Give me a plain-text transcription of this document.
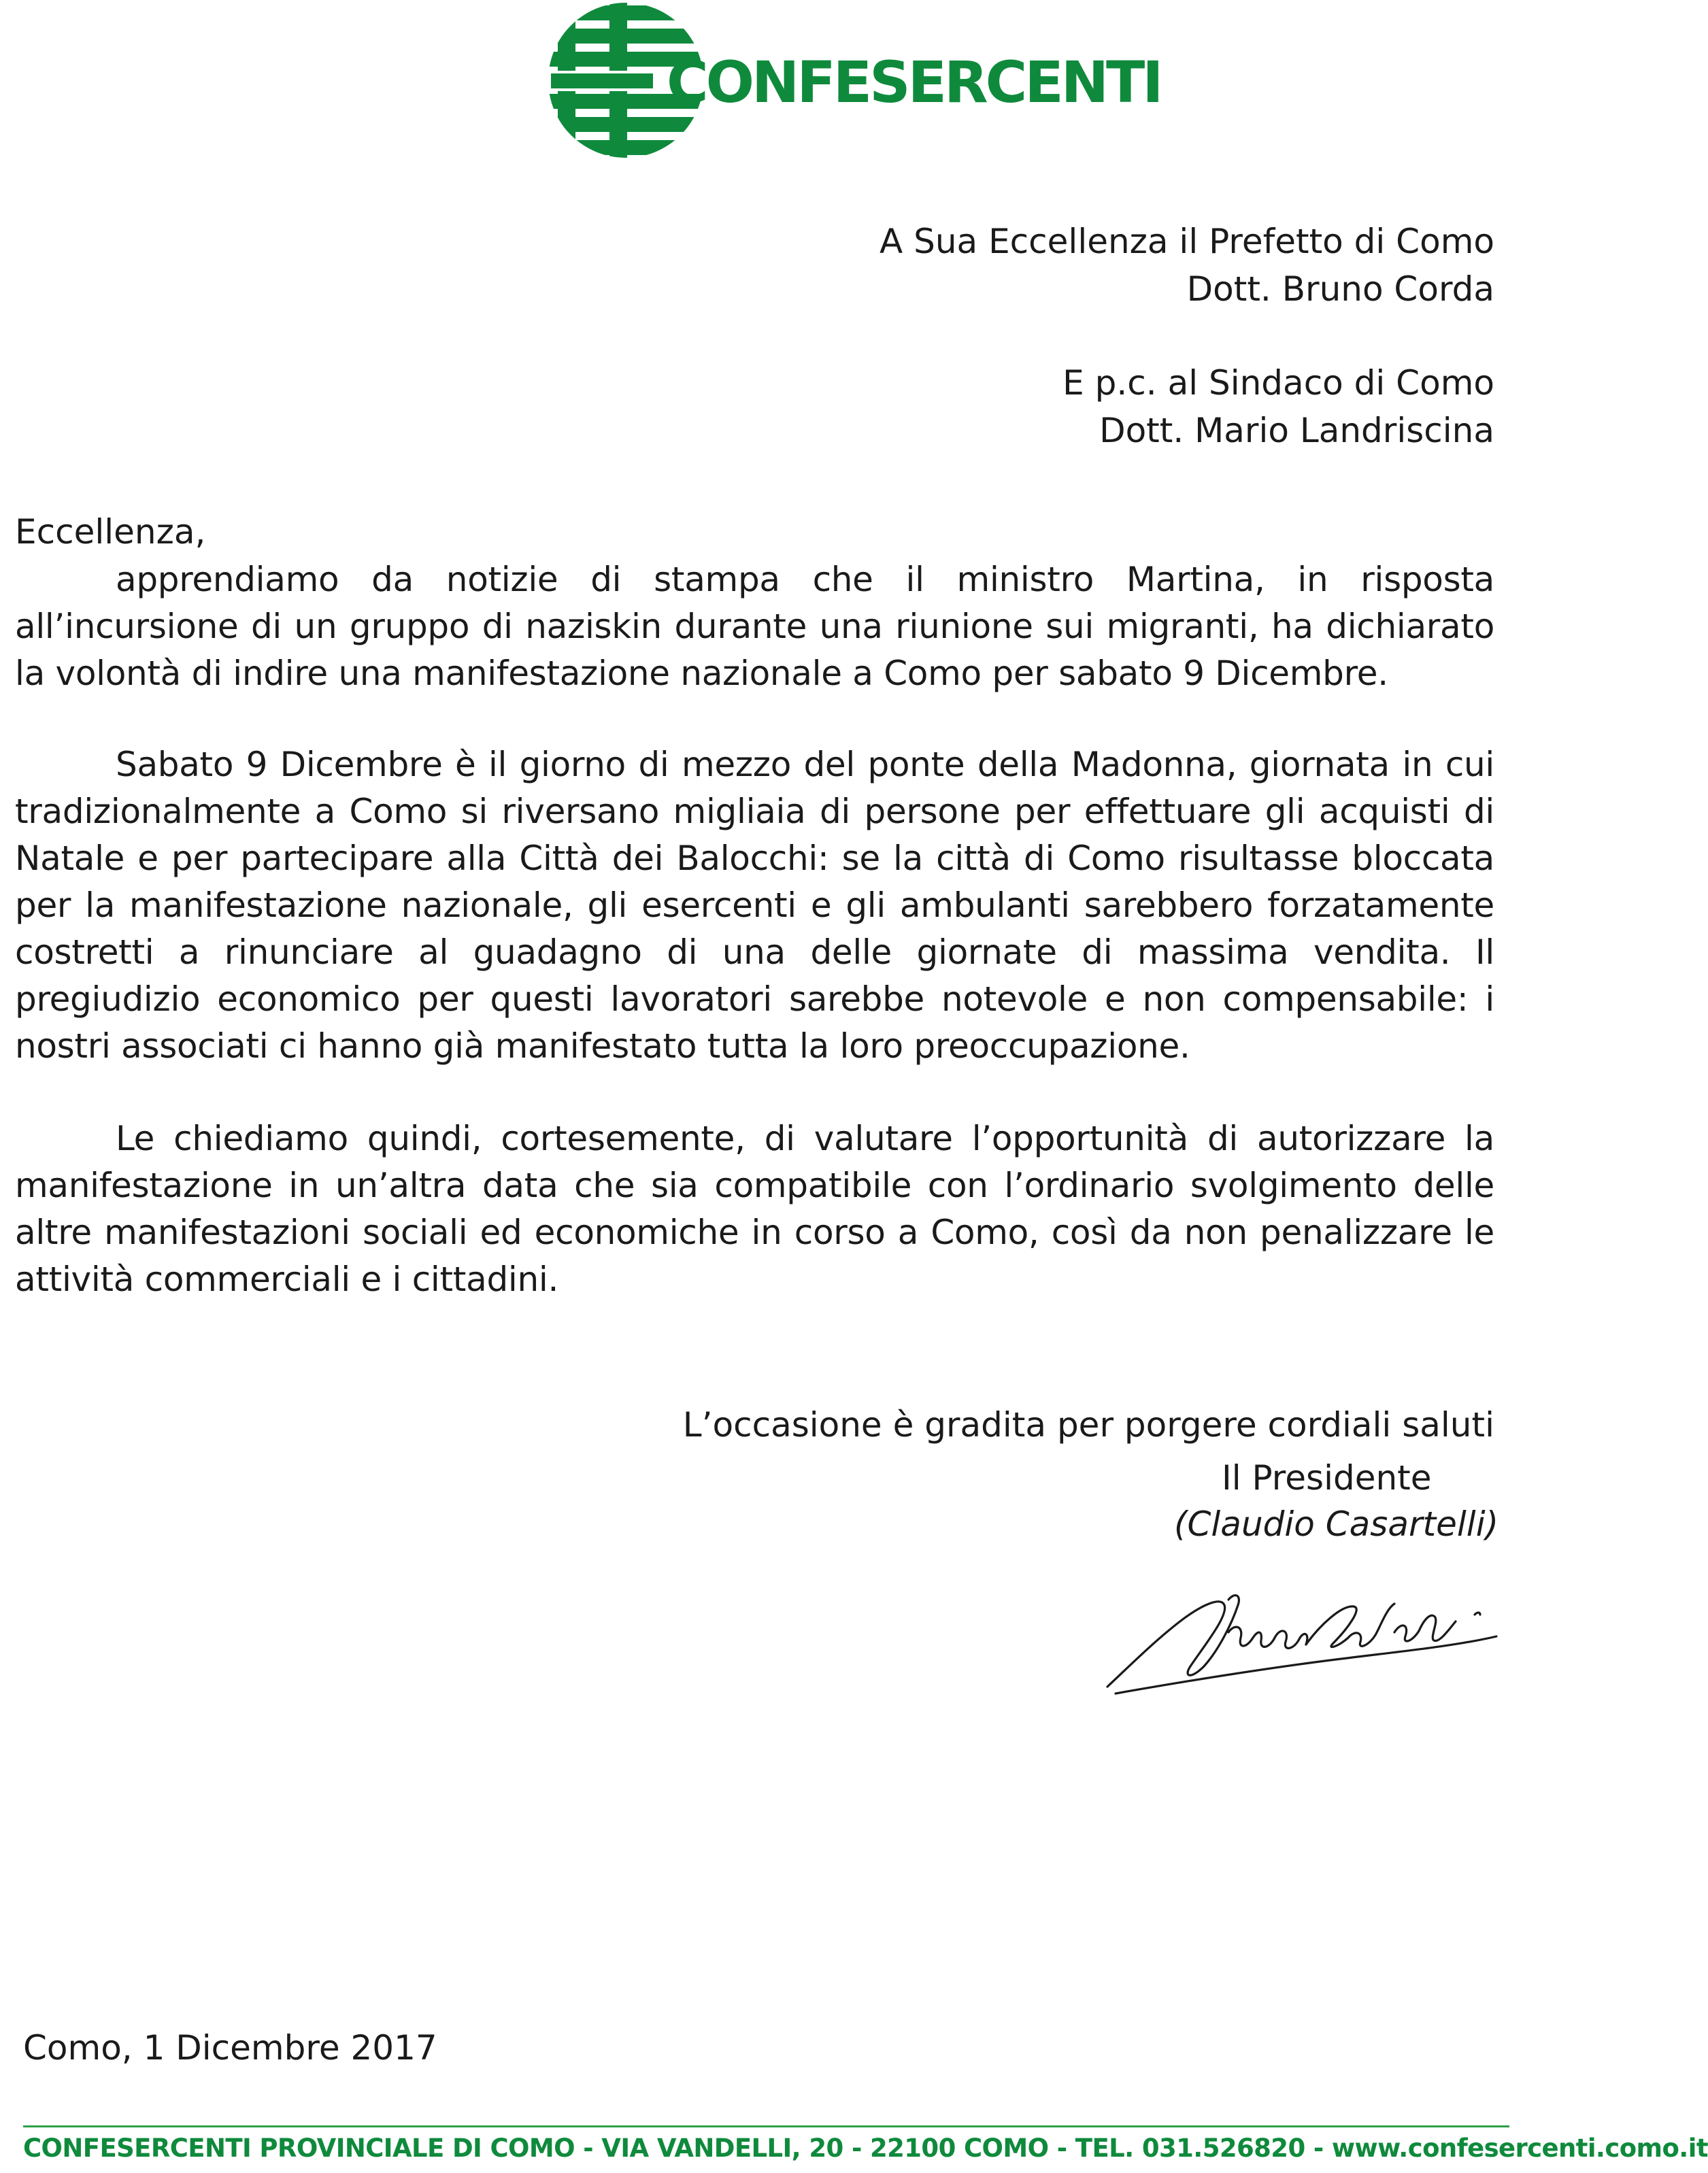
CONFESERCENTI
A Sua Eccellenza il Prefetto di Como
Dott. Bruno Corda
E p.c. al Sindaco di Como
Dott. Mario Landriscina
Eccellenza,

apprendiamo da notizie di stampa che il ministro Martina, in risposta all’incursione di un gruppo di naziskin durante una riunione sui migranti, ha dichiarato la volontà di indire una manifestazione nazionale a Como per sabato 9 Dicembre.

Sabato 9 Dicembre è il giorno di mezzo del ponte della Madonna, giornata in cui tradizionalmente a Como si riversano migliaia di persone per effettuare gli acquisti di Natale e per partecipare alla Città dei Balocchi: se la città di Como risultasse bloccata per la manifestazione nazionale, gli esercenti e gli ambulanti sarebbero forzatamente costretti a rinunciare al guadagno di una delle giornate di massima vendita. Il pregiudizio economico per questi lavoratori sarebbe notevole e non compensabile: i nostri associati ci hanno già manifestato tutta la loro preoccupazione.

Le chiediamo quindi, cortesemente, di valutare l’opportunità di autorizzare la manifestazione in un’altra data che sia compatibile con l’ordinario svolgimento delle altre manifestazioni sociali ed economiche in corso a Como, così da non penalizzare le attività commerciali e i cittadini.

L’occasione è gradita per porgere cordiali saluti
Il Presidente
(Claudio Casartelli)
Como, 1 Dicembre 2017
CONFESERCENTI PROVINCIALE DI COMO - VIA VANDELLI, 20 - 22100 COMO - TEL. 031.526820 - www.confesercenti.como.it
